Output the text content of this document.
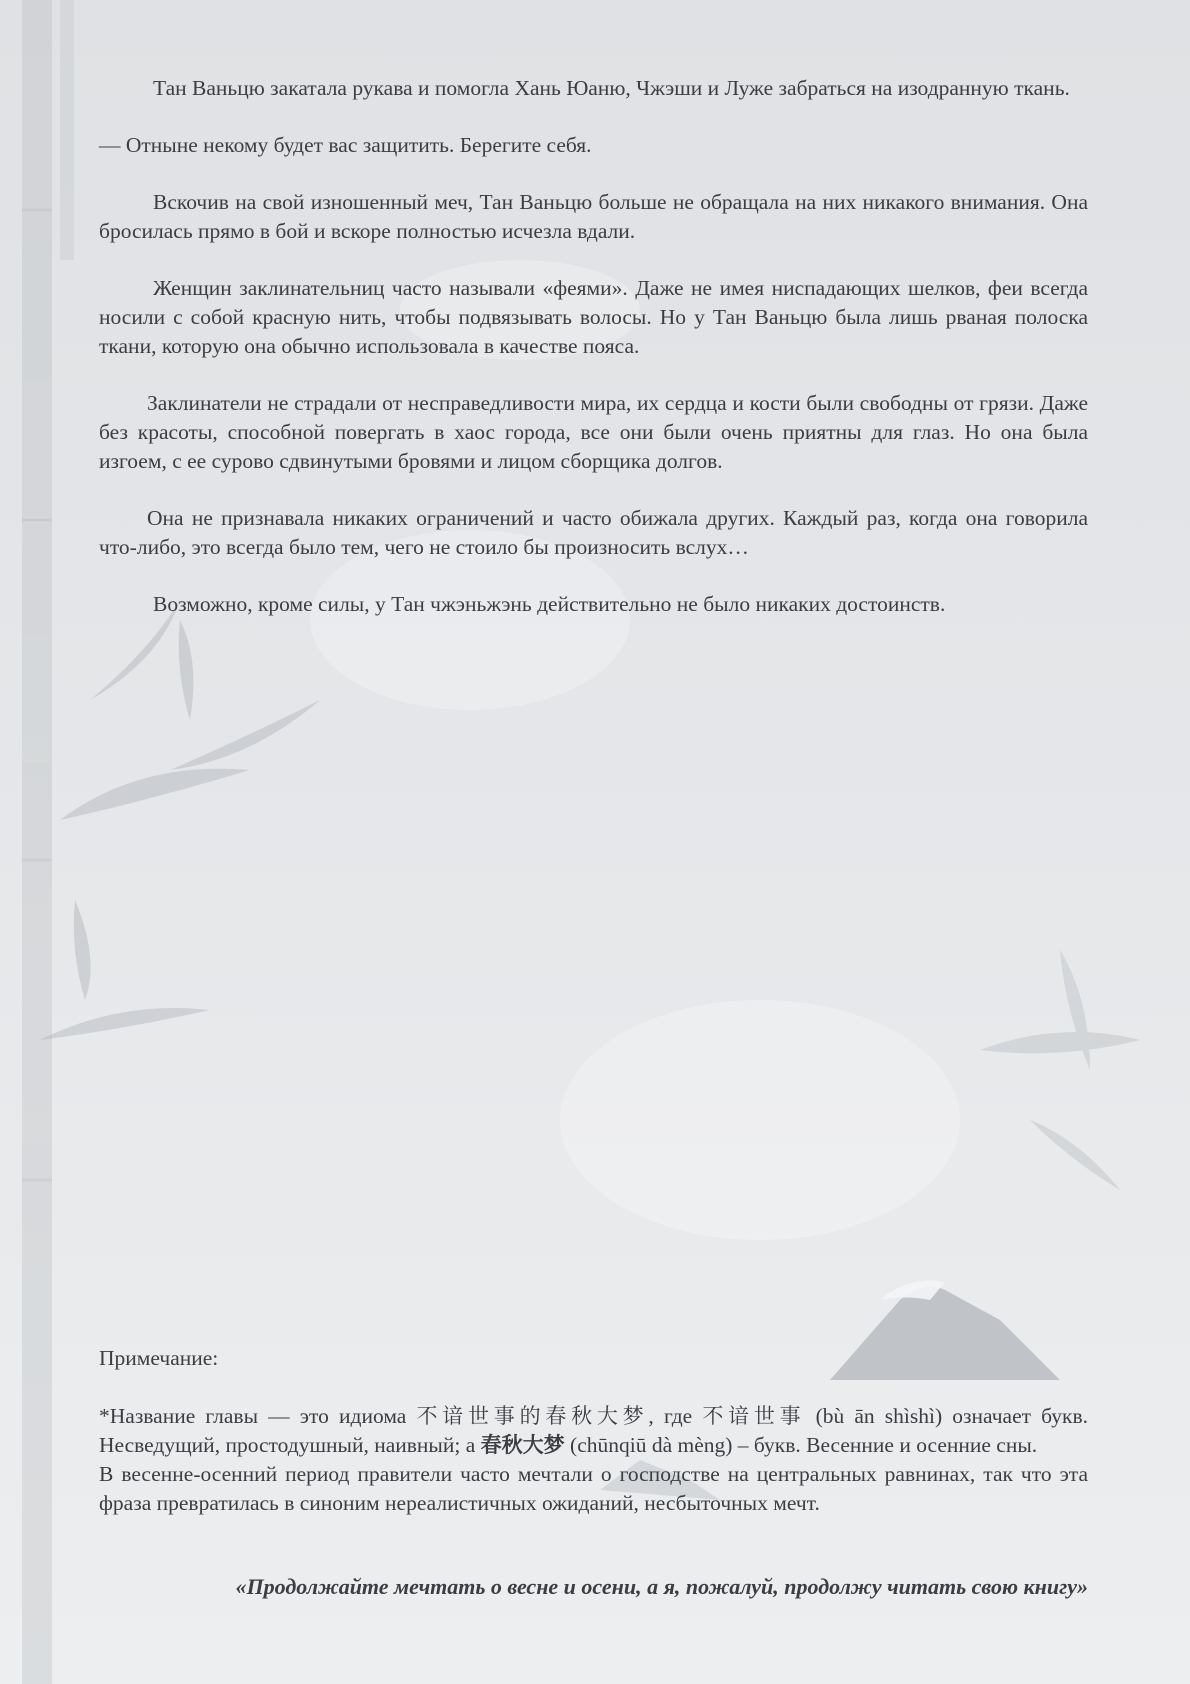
Тан Ваньцю закатала рукава и помогла Хань Юаню, Чжэши и Луже забраться на изодранную ткань.

— Отныне некому будет вас защитить. Берегите себя.

Вскочив на свой изношенный меч, Тан Ваньцю больше не обращала на них никакого внимания. Она бросилась прямо в бой и вскоре полностью исчезла вдали.

Женщин заклинательниц часто называли «феями». Даже не имея ниспадающих шелков, феи всегда носили с собой красную нить, чтобы подвязывать волосы. Но у Тан Ваньцю была лишь рваная полоска ткани, которую она обычно использовала в качестве пояса.

Заклинатели не страдали от несправедливости мира, их сердца и кости были свободны от грязи. Даже без красоты, способной повергать в хаос города, все они были очень приятны для глаз. Но она была изгоем, с ее сурово сдвинутыми бровями и лицом сборщика долгов.

Она не признавала никаких ограничений и часто обижала других. Каждый раз, когда она говорила что-либо, это всегда было тем, чего не стоило бы произносить вслух…

Возможно, кроме силы, у Тан чжэньжэнь действительно не было никаких достоинств.

Примечание:

*Название главы — это идиома 不谙世事的春秋大梦, где 不谙世事 (bù ān shìshì) означает букв. Несведущий, простодушный, наивный; а 春秋大梦 (chūnqiū dà mèng) – букв. Весенние и осенние сны.

В весенне-осенний период правители часто мечтали о господстве на центральных равнинах, так что эта фраза превратилась в синоним нереалистичных ожиданий, несбыточных мечт.

«Продолжайте мечтать о весне и осени, а я, пожалуй, продолжу читать свою книгу»
